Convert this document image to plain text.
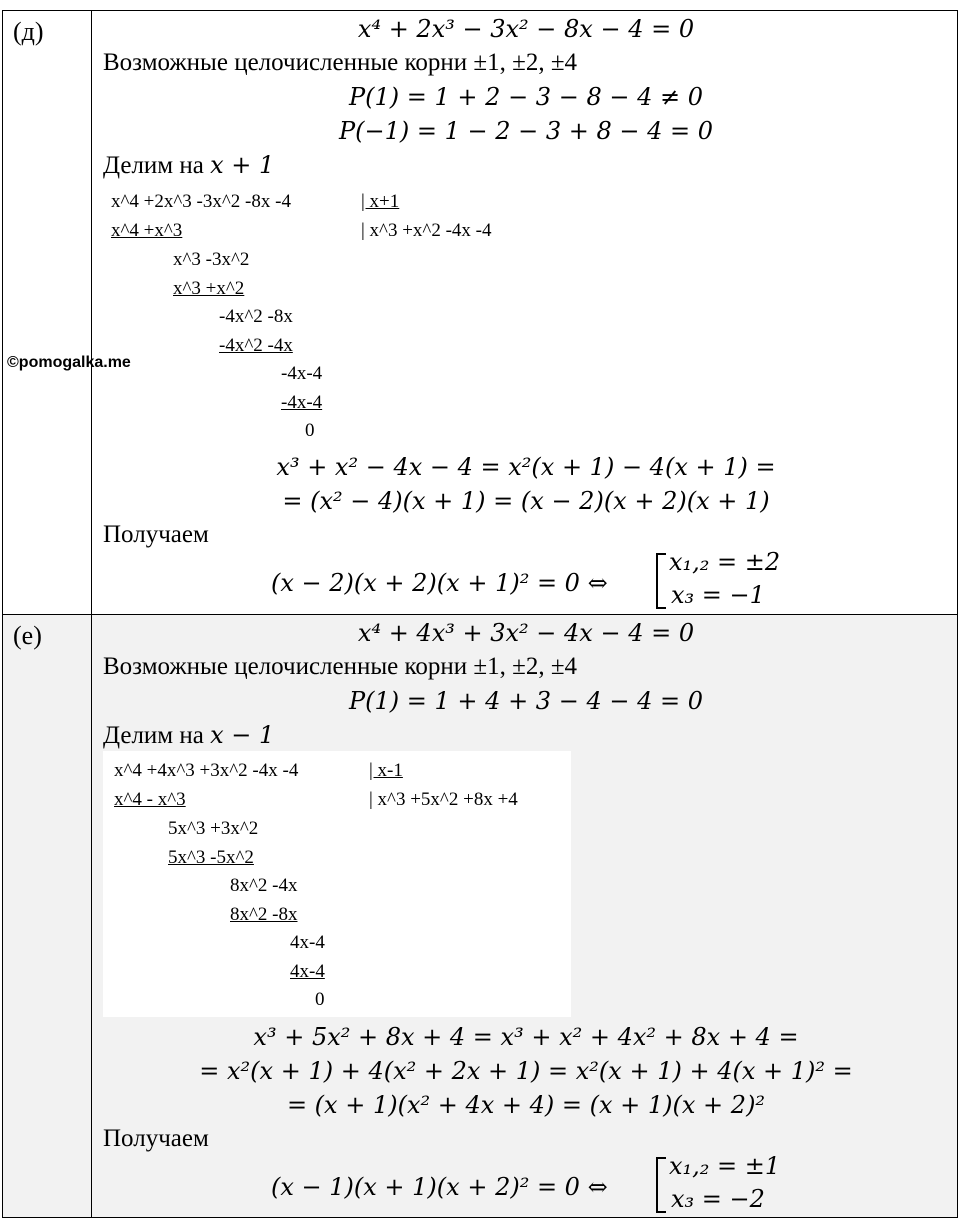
(д)	x⁴ + 2x³ − 3x² − 8x − 4 = 0
Возможные целочисленные корни ±1, ±2, ±4
P(1) = 1 + 2 − 3 − 8 − 4 ≠ 0
P(−1) = 1 − 2 − 3 + 8 − 4 = 0
Делим на x + 1
x^4 +2x^3 -3x^2 -8x -4	| x+1
| x^3 +x^2 -4x -4
x^4 +x^3
x^3 -3x^2
x^3 +x^2
-4x^2 -8x
-4x^2 -4x
-4x-4
-4x-4
0
x³ + x² − 4x − 4 = x²(x + 1) − 4(x + 1) =
= (x² − 4)(x + 1) = (x − 2)(x + 2)(x + 1)
Получаем
(x − 2)(x + 2)(x + 1)² = 0 ⇔
x₁,₂ = ±2
x₃ = −1
©pomogalka.me
(е)	x⁴ + 4x³ + 3x² − 4x − 4 = 0
Возможные целочисленные корни ±1, ±2, ±4
P(1) = 1 + 4 + 3 − 4 − 4 = 0
Делим на x − 1
x^4 +4x^3 +3x^2 -4x -4	| x-1
| x^3 +5x^2 +8x +4
x^4 - x^3
5x^3 +3x^2
5x^3 -5x^2
8x^2 -4x
8x^2 -8x
4x-4
4x-4
0
x³ + 5x² + 8x + 4 = x³ + x² + 4x² + 8x + 4 =
= x²(x + 1) + 4(x² + 2x + 1) = x²(x + 1) + 4(x + 1)² =
= (x + 1)(x² + 4x + 4) = (x + 1)(x + 2)²
Получаем
(x − 1)(x + 1)(x + 2)² = 0 ⇔
x₁,₂ = ±1
x₃ = −2
